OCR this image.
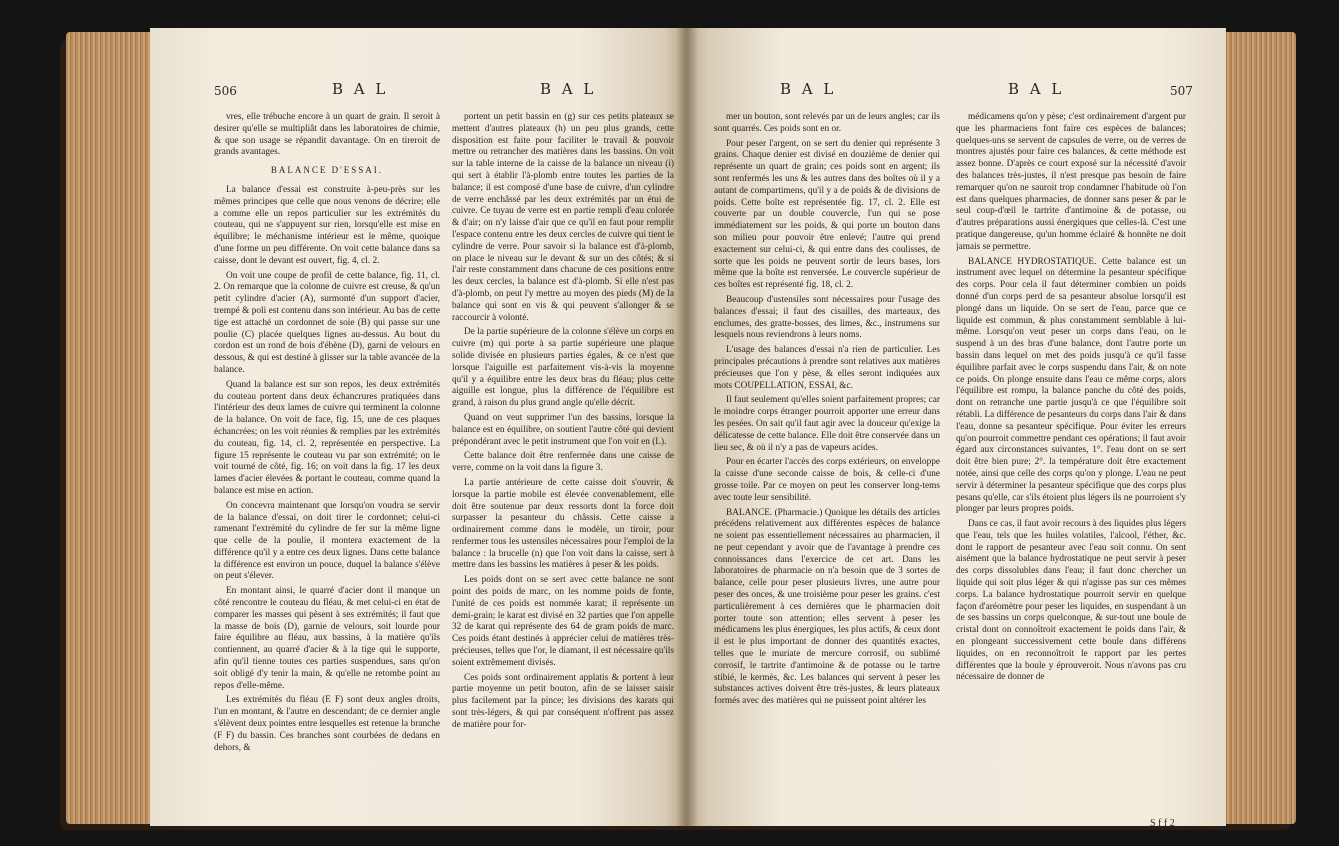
506	B A L	B A L

vres, elle trébuche encore à un quart de grain. Il seroit à desirer qu'elle se multipliât dans les laboratoires de chimie, & que son usage se répandit davantage. On en tireroit de grands avantages.

BALANCE D'ESSAI.

La balance d'essai est construite à-peu-près sur les mêmes principes que celle que nous venons de décrire; elle a comme elle un repos particulier sur les extrémités du couteau, qui ne s'appuyent sur rien, lorsqu'elle est mise en équilibre; le méchanisme intérieur est le même, quoique d'une forme un peu différente. On voit cette balance dans sa caisse, dont le devant est ouvert, fig. 4, cl. 2.

On voit une coupe de profil de cette balance, fig. 11, cl. 2. On remarque que la colonne de cuivre est creuse, & qu'un petit cylindre d'acier (A), surmonté d'un support d'acier, trempé & poli est contenu dans son intérieur. Au bas de cette tige est attaché un cordonnet de soie (B) qui passe sur une poulie (C) placée quelques lignes au-dessus. Au bout du cordon est un rond de bois d'ébène (D), garni de velours en dessous, & qui est destiné à glisser sur la table avancée de la balance.

Quand la balance est sur son repos, les deux extrémités du couteau portent dans deux échancrures pratiquées dans l'intérieur des deux lames de cuivre qui terminent la colonne de la balance. On voit de face, fig. 15, une de ces plaques échancrées; on les voit réunies & remplies par les extrémités du couteau, fig. 14, cl. 2, représentée en perspective. La figure 15 représente le couteau vu par son extrémité; on le voit tourné de côté, fig. 16; on voit dans la fig. 17 les deux lames d'acier élevées & portant le couteau, comme quand la balance est mise en action.

On concevra maintenant que lorsqu'on voudra se servir de la balance d'essai, on doit tirer le cordonnet; celui-ci ramenant l'extrémité du cylindre de fer sur la même ligne que celle de la poulie, il montera exactement de la différence qu'il y a entre ces deux lignes. Dans cette balance la différence est environ un pouce, duquel la balance s'élève on peut s'élever.

En montant ainsi, le quarré d'acier dont il manque un côté rencontre le couteau du fléau, & met celui-ci en état de comparer les masses qui pèsent à ses extrémités; il faut que la masse de bois (D), garnie de velours, soit lourde pour faire équilibre au fléau, aux bassins, à la matière qu'ils contiennent, au quarré d'acier & à la tige qui le supporte, afin qu'il tienne toutes ces parties suspendues, sans qu'on soit obligé d'y tenir la main, & qu'elle ne retombe point au repos d'elle-même.

Les extrémités du fléau (E F) sont deux angles droits, l'un en montant, & l'autre en descendant; de ce dernier angle s'élèvent deux pointes entre lesquelles est retenue la branche (F F) du bassin. Ces branches sont courbées de dedans en dehors, &

portent un petit bassin en (g) sur ces petits plateaux se mettent d'autres plateaux (h) un peu plus grands, cette disposition est faite pour faciliter le travail & pouvoir mettre ou retrancher des matières dans les bassins. On voit sur la table interne de la caisse de la balance un niveau (i) qui sert à établir l'à-plomb entre toutes les parties de la balance; il est composé d'une base de cuivre, d'un cylindre de verre enchâssé par les deux extrémités par un étui de cuivre. Ce tuyau de verre est en partie rempli d'eau colorée & d'air; on n'y laisse d'air que ce qu'il en faut pour remplir l'espace contenu entre les deux cercles de cuivre qui tient le cylindre de verre. Pour savoir si la balance est d'à-plomb, on place le niveau sur le devant & sur un des côtés; & si l'air reste constamment dans chacune de ces positions entre les deux cercles, la balance est d'à-plomb. Si elle n'est pas d'à-plomb, on peut l'y mettre au moyen des pieds (M) de la balance qui sont en vis & qui peuvent s'allonger & se raccourcir à volonté.

De la partie supérieure de la colonne s'élève un corps en cuivre (m) qui porte à sa partie supérieure une plaque solide divisée en plusieurs parties égales, & ce n'est que lorsque l'aiguille est parfaitement vis-à-vis la moyenne qu'il y a équilibre entre les deux bras du fléau; plus cette aiguille est longue, plus la différence de l'équilibre est grand, à raison du plus grand angle qu'elle décrit.

Quand on veut supprimer l'un des bassins, lorsque la balance est en équilibre, on soutient l'autre côté qui devient prépondérant avec le petit instrument que l'on voit en (L).

Cette balance doit être renfermée dans une caisse de verre, comme on la voit dans la figure 3.

La partie antérieure de cette caisse doit s'ouvrir, & lorsque la partie mobile est élevée convenablement, elle doit être soutenue par deux ressorts dont la force doit surpasser la pesanteur du châssis. Cette caisse a ordinairement comme dans le modèle, un tiroir, pour renfermer tous les ustensiles nécessaires pour l'emploi de la balance : la brucelle (n) que l'on voit dans la caisse, sert à mettre dans les bassins les matières à peser & les poids.

Les poids dont on se sert avec cette balance ne sont point des poids de marc, on les nomme poids de fonte, l'unité de ces poids est nommée karat; il représente un demi-grain; le karat est divisé en 32 parties que l'on appelle 32 de karat qui représente des 64 de gram poids de marc. Ces poids étant destinés à apprécier celui de matières très-précieuses, telles que l'or, le diamant, il est nécessaire qu'ils soient extrêmement divisés.

Ces poids sont ordinairement applatis & portent à leur partie moyenne un petit bouton, afin de se laisser saisir plus facilement par la pince; les divisions des karats qui sont très-légers, & qui par conséquent n'offrent pas assez de matière pour for-

B A L	B A L	507

mer un bouton, sont relevés par un de leurs angles; car ils sont quarrés. Ces poids sont en or.

Pour peser l'argent, on se sert du denier qui représente 3 grains. Chaque denier est divisé en douzième de denier qui représente un quart de grain; ces poids sont en argent; ils sont renfermés les uns & les autres dans des boîtes où il y a autant de compartimens, qu'il y a de poids & de divisions de poids. Cette boîte est représentée fig. 17, cl. 2. Elle est couverte par un double couvercle, l'un qui se pose immédiatement sur les poids, & qui porte un bouton dans son milieu pour pouvoir être enlevé; l'autre qui prend exactement sur celui-ci, & qui entre dans des coulisses, de sorte que les poids ne peuvent sortir de leurs bases, lors même que la boîte est renversée. Le couvercle supérieur de ces boîtes est représenté fig. 18, cl. 2.

Beaucoup d'ustensiles sont nécessaires pour l'usage des balances d'essai; il faut des cisailles, des marteaux, des enclumes, des gratte-bosses, des limes, &c., instrumens sur lesquels nous reviendrons à leurs noms.

L'usage des balances d'essai n'a rien de particulier. Les principales précautions à prendre sont relatives aux matières précieuses que l'on y pèse, & elles seront indiquées aux mots COUPELLATION, ESSAI, &c.

Il faut seulement qu'elles soient parfaitement propres; car le moindre corps étranger pourroit apporter une erreur dans les pesées. On sait qu'il faut agir avec la douceur qu'exige la délicatesse de cette balance. Elle doit être conservée dans un lieu sec, & où il n'y a pas de vapeurs acides.

Pour en écarter l'accès des corps extérieurs, on enveloppe la caisse d'une seconde caisse de bois, & celle-ci d'une grosse toile. Par ce moyen on peut les conserver long-tems avec toute leur sensibilité.

BALANCE. (Pharmacie.) Quoique les détails des articles précédens relativement aux différentes espèces de balance ne soient pas essentiellement nécessaires au pharmacien, il ne peut cependant y avoir que de l'avantage à prendre ces connoissances dans l'exercice de cet art. Dans les laboratoires de pharmacie on n'a besoin que de 3 sortes de balance, celle pour peser plusieurs livres, une autre pour peser des onces, & une troisième pour peser les grains. c'est particulièrement à ces dernières que le pharmacien doit porter toute son attention; elles servent à peser les médicamens les plus énergiques, les plus actifs, & ceux dont il est le plus important de donner des quantités exactes, telles que le muriate de mercure corrosif, ou sublimé corrosif, le tartrite d'antimoine & de potasse ou le tartre stibié, le kermès, &c. Les balances qui servent à peser les substances actives doivent être très-justes, & leurs plateaux formés avec des matières qui ne puissent point altérer les

médicamens qu'on y pèse; c'est ordinairement d'argent pur que les pharmaciens font faire ces espèces de balances; quelques-uns se servent de capsules de verre, ou de verres de montres ajustés pour faire ces balances, & cette méthode est assez bonne. D'après ce court exposé sur la nécessité d'avoir des balances très-justes, il n'est presque pas besoin de faire remarquer qu'on ne sauroit trop condamner l'habitude où l'on est dans quelques pharmacies, de donner sans peser & par le seul coup-d'œil le tartrite d'antimoine & de potasse, ou d'autres préparations aussi énergiques que celles-là. C'est une pratique dangereuse, qu'un homme éclairé & honnête ne doit jamais se permettre.

BALANCE HYDROSTATIQUE. Cette balance est un instrument avec lequel on détermine la pesanteur spécifique des corps. Pour cela il faut déterminer combien un poids donné d'un corps perd de sa pesanteur absolue lorsqu'il est plongé dans un liquide. On se sert de l'eau, parce que ce liquide est commun, & plus constamment semblable à lui-même. Lorsqu'on veut peser un corps dans l'eau, on le suspend à un des bras d'une balance, dont l'autre porte un bassin dans lequel on met des poids jusqu'à ce qu'il fasse équilibre parfait avec le corps suspendu dans l'air, & on note ce poids. On plonge ensuite dans l'eau ce même corps, alors l'équilibre est rompu, la balance panche du côté des poids, dont on retranche une partie jusqu'à ce que l'équilibre soit rétabli. La différence de pesanteurs du corps dans l'air & dans l'eau, donne sa pesanteur spécifique. Pour éviter les erreurs qu'on pourroit commettre pendant ces opérations; il faut avoir égard aux circonstances suivantes, 1°. l'eau dont on se sert doit être bien pure; 2°. la température doit être exactement notée, ainsi que celle des corps qu'on y plonge. L'eau ne peut servir à déterminer la pesanteur spécifique que des corps plus pesans qu'elle, car s'ils étoient plus légers ils ne pourroient s'y plonger par leurs propres poids.

Dans ce cas, il faut avoir recours à des liquides plus légers que l'eau, tels que les huiles volatiles, l'alcool, l'éther, &c. dont le rapport de pesanteur avec l'eau soit connu. On sent aisément que la balance hydrostatique ne peut servir à peser des corps dissolubles dans l'eau; il faut donc chercher un liquide qui soit plus léger & qui n'agisse pas sur ces mêmes corps. La balance hydrostatique pourroit servir en quelque façon d'aréomètre pour peser les liquides, en suspendant à un de ses bassins un corps quelconque, & sur-tout une boule de cristal dont on connoîtroit exactement le poids dans l'air, & en plongeant successivement cette boule dans différens liquides, on en reconnoîtroit le rapport par les pertes différentes que la boule y éprouveroit. Nous n'avons pas cru nécessaire de donner de

S f f 2
